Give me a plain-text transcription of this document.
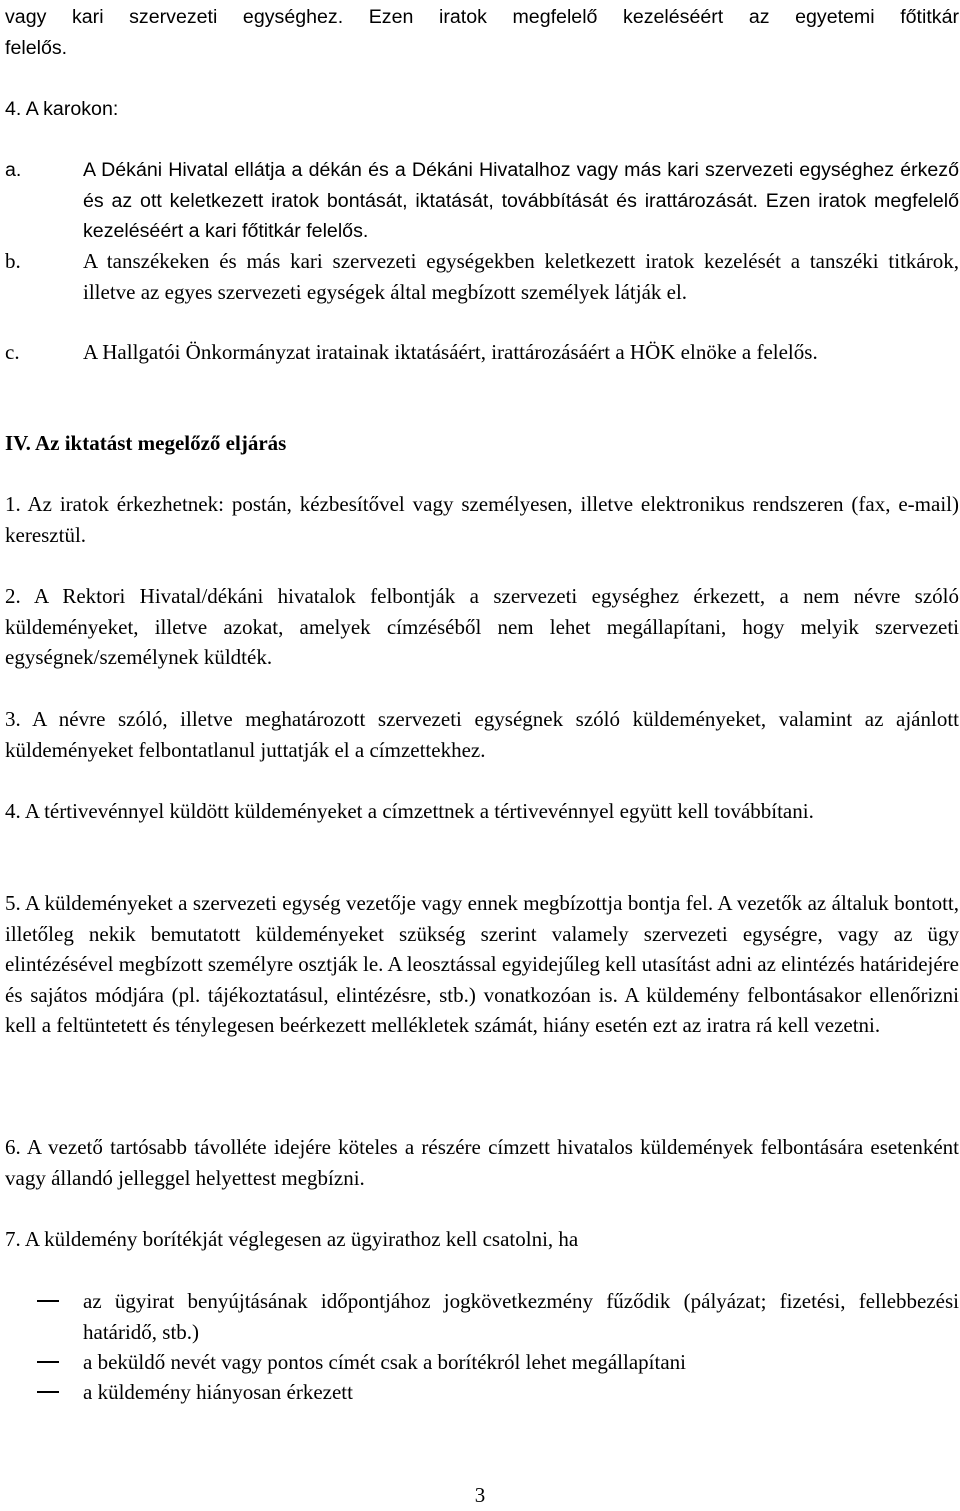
vagy kari szervezeti egységhez. Ezen iratok megfelelő kezeléséért az egyetemi főtitkár
felelős.

4. A karokon:

a.	A Dékáni Hivatal ellátja a dékán és a Dékáni Hivatalhoz vagy más kari szervezeti egységhez érkező és az ott keletkezett iratok bontását, iktatását, továbbítását és irattározását. Ezen iratok megfelelő kezeléséért a kari főtitkár felelős.

b.	A tanszékeken és más kari szervezeti egységekben keletkezett iratok kezelését a tanszéki titkárok, illetve az egyes szervezeti egységek által megbízott személyek látják el.

c.	A Hallgatói Önkormányzat iratainak iktatásáért, irattározásáért a HÖK elnöke a felelős.

IV. Az iktatást megelőző eljárás

1. Az iratok érkezhetnek: postán, kézbesítővel vagy személyesen, illetve elektronikus rendszeren (fax, e-mail) keresztül.

2. A Rektori Hivatal/dékáni hivatalok felbontják a szervezeti egységhez érkezett, a nem névre szóló küldeményeket, illetve azokat, amelyek címzéséből nem lehet megállapítani, hogy melyik szervezeti egységnek/személynek küldték.

3. A névre szóló, illetve meghatározott szervezeti egységnek szóló küldeményeket, valamint az ajánlott küldeményeket felbontatlanul juttatják el a címzettekhez.

4. A tértivevénnyel küldött küldeményeket a címzettnek a tértivevénnyel együtt kell továbbítani.

5. A küldeményeket a szervezeti egység vezetője vagy ennek megbízottja bontja fel. A vezetők az általuk bontott, illetőleg nekik bemutatott küldeményeket szükség szerint valamely szervezeti egységre, vagy az ügy elintézésével megbízott személyre osztják le. A leosztással egyidejűleg kell utasítást adni az elintézés határidejére és sajátos módjára (pl. tájékoztatásul, elintézésre, stb.) vonatkozóan is. A küldemény felbontásakor ellenőrizni kell a feltüntetett és ténylegesen beérkezett mellékletek számát, hiány esetén ezt az iratra rá kell vezetni.

6. A vezető tartósabb távolléte idejére köteles a részére címzett hivatalos küldemények felbontására esetenként vagy állandó jelleggel helyettest megbízni.

7. A küldemény borítékját véglegesen az ügyirathoz kell csatolni, ha

az ügyirat benyújtásának időpontjához jogkövetkezmény fűződik (pályázat; fizetési, fellebbezési határidő, stb.)

a beküldő nevét vagy pontos címét csak a borítékról lehet megállapítani

a küldemény hiányosan érkezett

3
